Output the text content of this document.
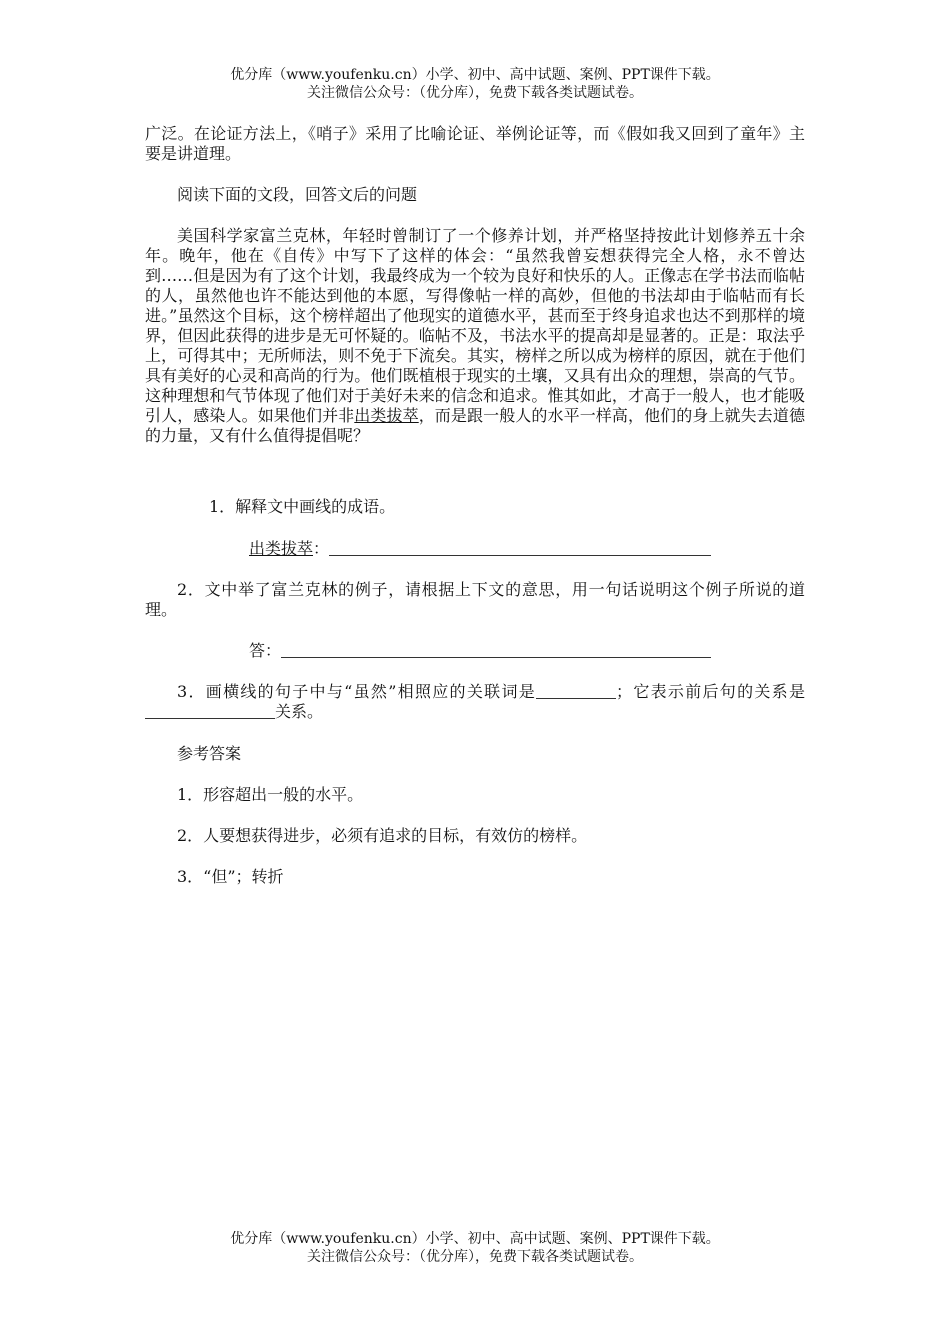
优分库（www.youfenku.cn）小学、初中、高中试题、案例、PPT课件下载。
关注微信公众号：（优分库），免费下载各类试题试卷。

广泛。在论证方法上，《哨子》采用了比喻论证、举例论证等，而《假如我又回到了童年》主要是讲道理。

阅读下面的文段，回答文后的问题

美国科学家富兰克林，年轻时曾制订了一个修养计划，并严格坚持按此计划修养五十余年。晚年，他在《自传》中写下了这样的体会：“虽然我曾妄想获得完全人格，永不曾达到……但是因为有了这个计划，我最终成为一个较为良好和快乐的人。正像志在学书法而临帖的人，虽然他也许不能达到他的本愿，写得像帖一样的高妙，但他的书法却由于临帖而有长进。”虽然这个目标，这个榜样超出了他现实的道德水平，甚而至于终身追求也达不到那样的境界，但因此获得的进步是无可怀疑的。临帖不及，书法水平的提高却是显著的。正是：取法乎上，可得其中；无所师法，则不免于下流矣。其实，榜样之所以成为榜样的原因，就在于他们具有美好的心灵和高尚的行为。他们既植根于现实的土壤，又具有出众的理想，崇高的气节。这种理想和气节体现了他们对于美好未来的信念和追求。惟其如此，才高于一般人，也才能吸引人，感染人。如果他们并非出类拔萃，而是跟一般人的水平一样高，他们的身上就失去道德的力量，又有什么值得提倡呢？

1．解释文中画线的成语。

出类拔萃：

2．文中举了富兰克林的例子，请根据上下文的意思，用一句话说明这个例子所说的道理。

答：

3．画横线的句子中与“虽然”相照应的关联词是	；它表示前后句的关系是关系。

参考答案

1．形容超出一般的水平。

2．人要想获得进步，必须有追求的目标，有效仿的榜样。

3．“但”；转折

优分库（www.youfenku.cn）小学、初中、高中试题、案例、PPT课件下载。
关注微信公众号：（优分库），免费下载各类试题试卷。
